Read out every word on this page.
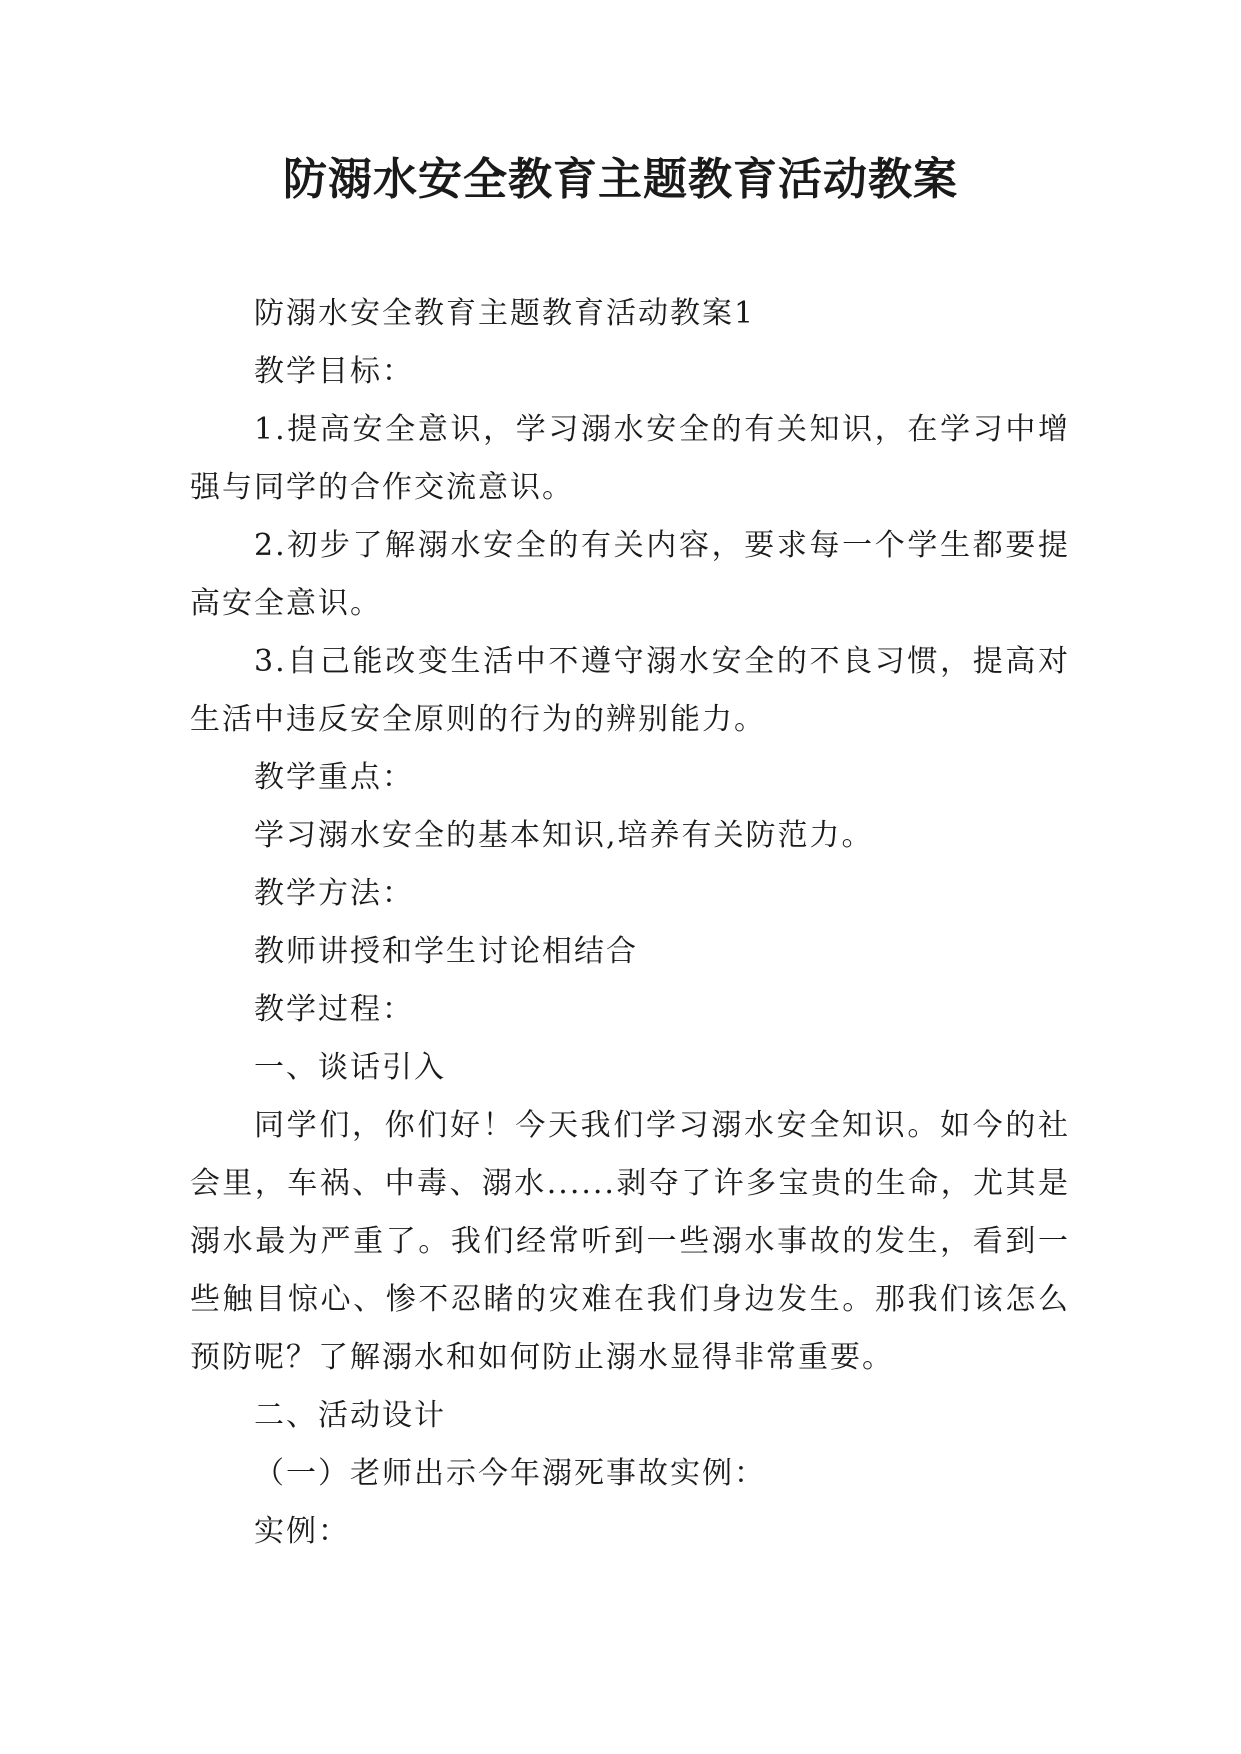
防溺水安全教育主题教育活动教案

防溺水安全教育主题教育活动教案1

教学目标：

1.提高安全意识，学习溺水安全的有关知识，在学习中增强与同学的合作交流意识。

2.初步了解溺水安全的有关内容，要求每一个学生都要提高安全意识。

3.自己能改变生活中不遵守溺水安全的不良习惯，提高对生活中违反安全原则的行为的辨别能力。

教学重点：

学习溺水安全的基本知识,培养有关防范力。

教学方法：

教师讲授和学生讨论相结合

教学过程：

一、谈话引入

同学们，你们好！今天我们学习溺水安全知识。如今的社会里，车祸、中毒、溺水......剥夺了许多宝贵的生命，尤其是溺水最为严重了。我们经常听到一些溺水事故的发生，看到一些触目惊心、惨不忍睹的灾难在我们身边发生。那我们该怎么预防呢？了解溺水和如何防止溺水显得非常重要。

二、活动设计

（一）老师出示今年溺死事故实例：

实例：
